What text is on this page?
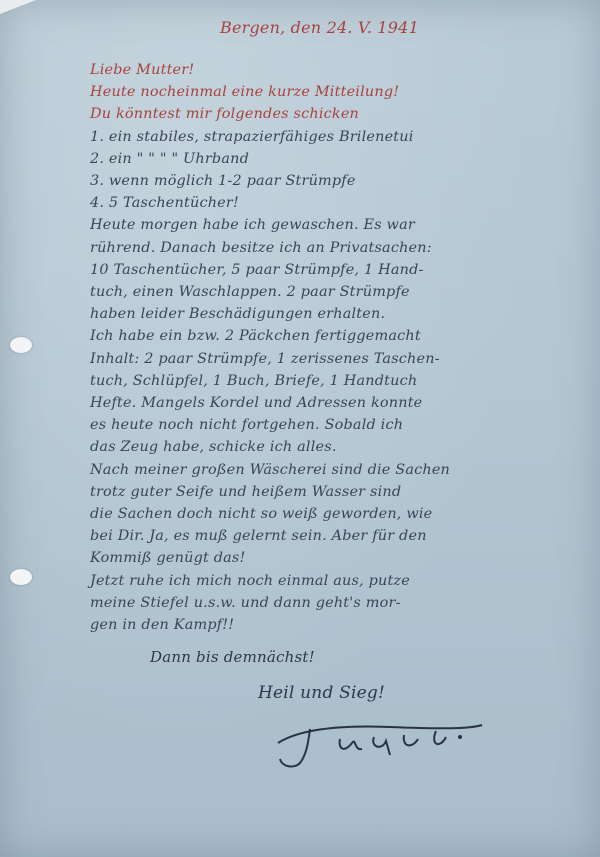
Bergen, den 24. V. 1941
Liebe Mutter!
Heute nocheinmal eine kurze Mitteilung!
Du könntest mir folgendes schicken
1. ein stabiles, strapazierfähiges Brilenetui
2. ein " " " " Uhrband
3. wenn möglich 1-2 paar Strümpfe
4. 5 Taschentücher!
Heute morgen habe ich gewaschen. Es war
rührend. Danach besitze ich an Privatsachen:
10 Taschentücher, 5 paar Strümpfe, 1 Hand-
tuch, einen Waschlappen. 2 paar Strümpfe
haben leider Beschädigungen erhalten.
Ich habe ein bzw. 2 Päckchen fertiggemacht
Inhalt: 2 paar Strümpfe, 1 zerissenes Taschen-
tuch, Schlüpfel, 1 Buch, Briefe, 1 Handtuch
Hefte. Mangels Kordel und Adressen konnte
es heute noch nicht fortgehen. Sobald ich
das Zeug habe, schicke ich alles.
Nach meiner großen Wäscherei sind die Sachen
trotz guter Seife und heißem Wasser sind
die Sachen doch nicht so weiß geworden, wie
bei Dir. Ja, es muß gelernt sein. Aber für den
Kommiß genügt das!
Jetzt ruhe ich mich noch einmal aus, putze
meine Stiefel u.s.w. und dann geht's mor-
gen in den Kampf!!
Dann bis demnächst!
Heil und Sieg!
